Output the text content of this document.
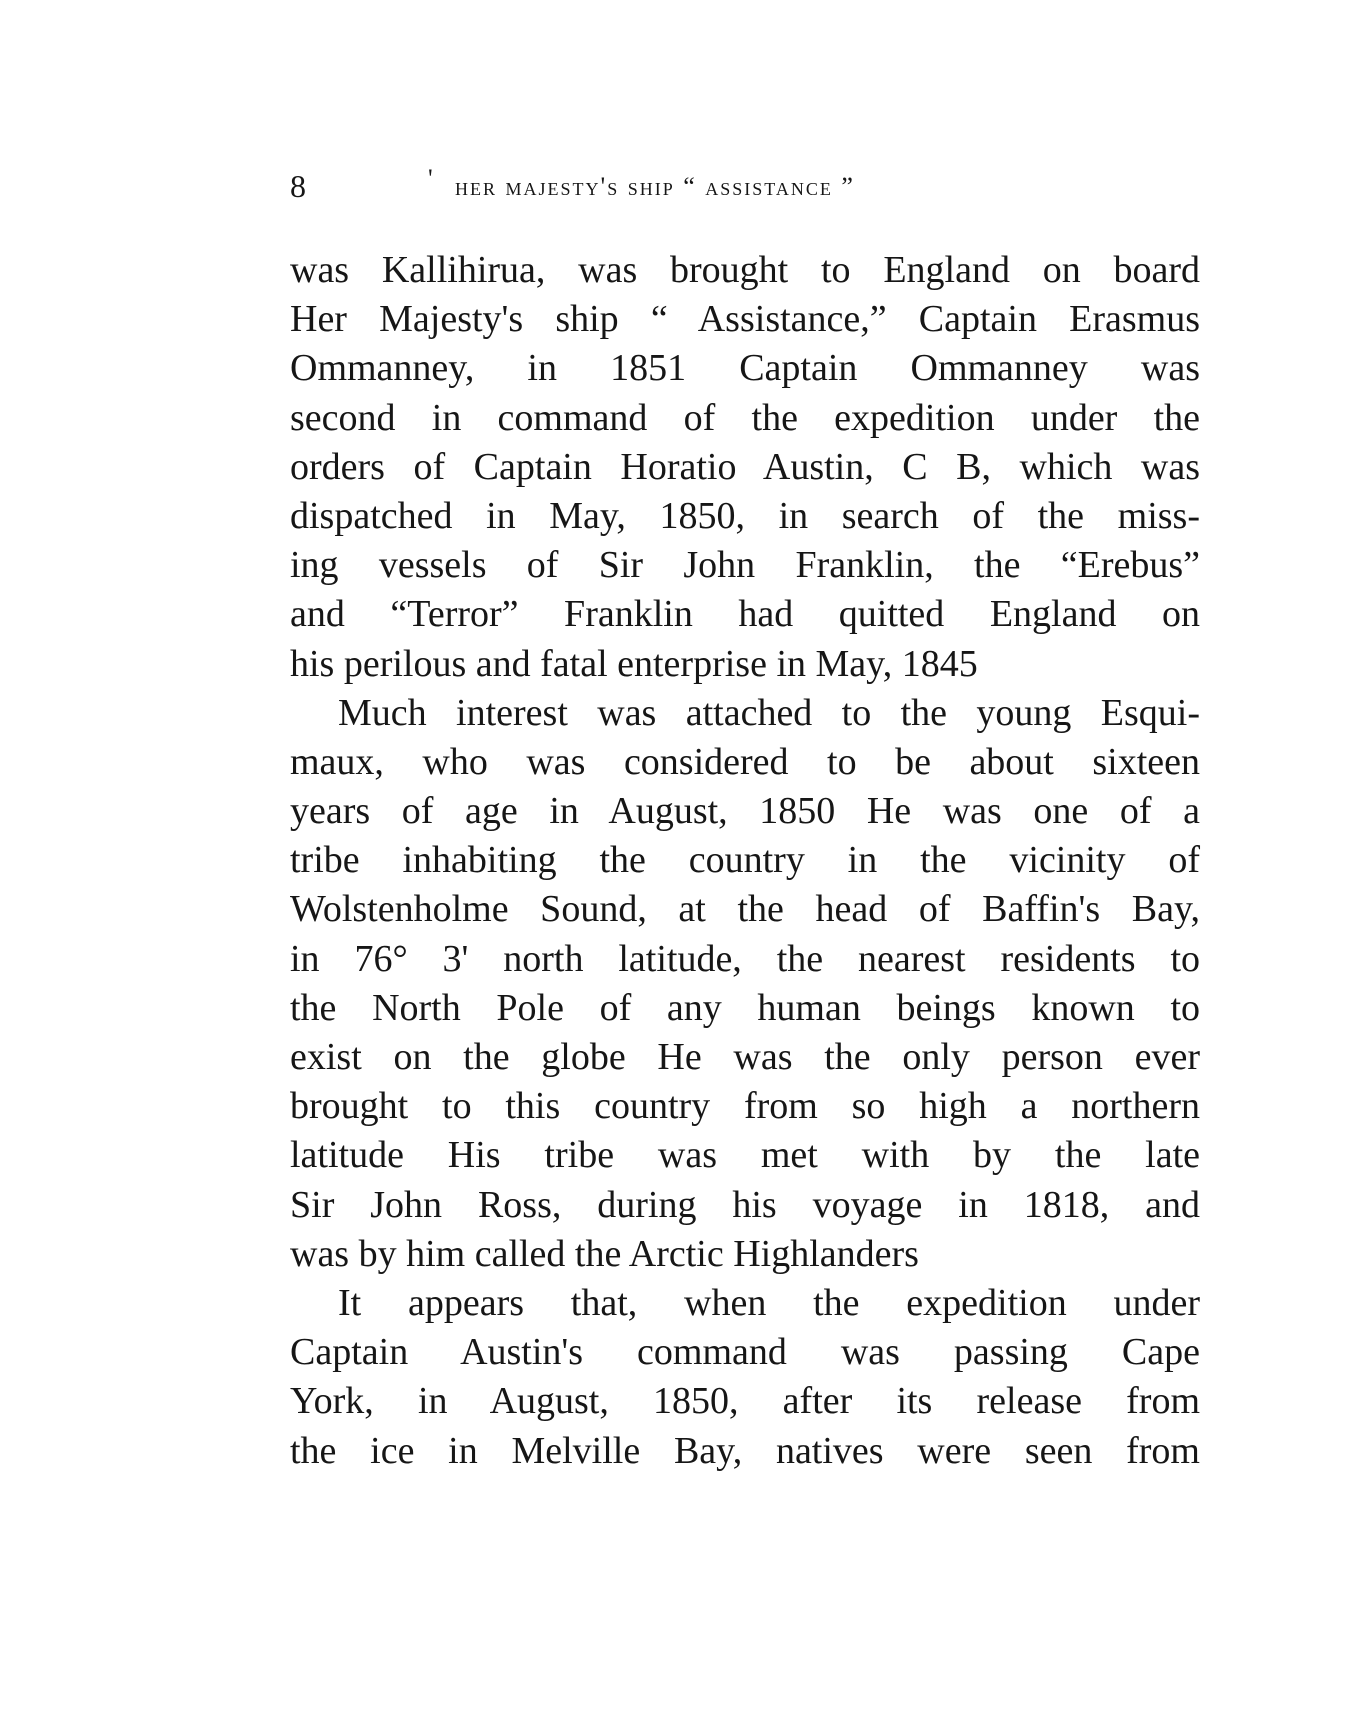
8	' her majesty's ship “ assistance ”
was Kallihirua, was brought to England on board
Her Majesty's ship “ Assistance,” Captain Erasmus
Ommanney, in 1851 Captain Ommanney was
second in command of the expedition under the
orders of Captain Horatio Austin, C B, which was
dispatched in May, 1850, in search of the miss-
ing vessels of Sir John Franklin, the “Erebus”
and “Terror” Franklin had quitted England on
his perilous and fatal enterprise in May, 1845
Much interest was attached to the young Esqui-
maux, who was considered to be about sixteen
years of age in August, 1850 He was one of a
tribe inhabiting the country in the vicinity of
Wolstenholme Sound, at the head of Baffin's Bay,
in 76° 3' north latitude, the nearest residents to
the North Pole of any human beings known to
exist on the globe He was the only person ever
brought to this country from so high a northern
latitude His tribe was met with by the late
Sir John Ross, during his voyage in 1818, and
was by him called the Arctic Highlanders
It appears that, when the expedition under
Captain Austin's command was passing Cape
York, in August, 1850, after its release from
the ice in Melville Bay, natives were seen from
